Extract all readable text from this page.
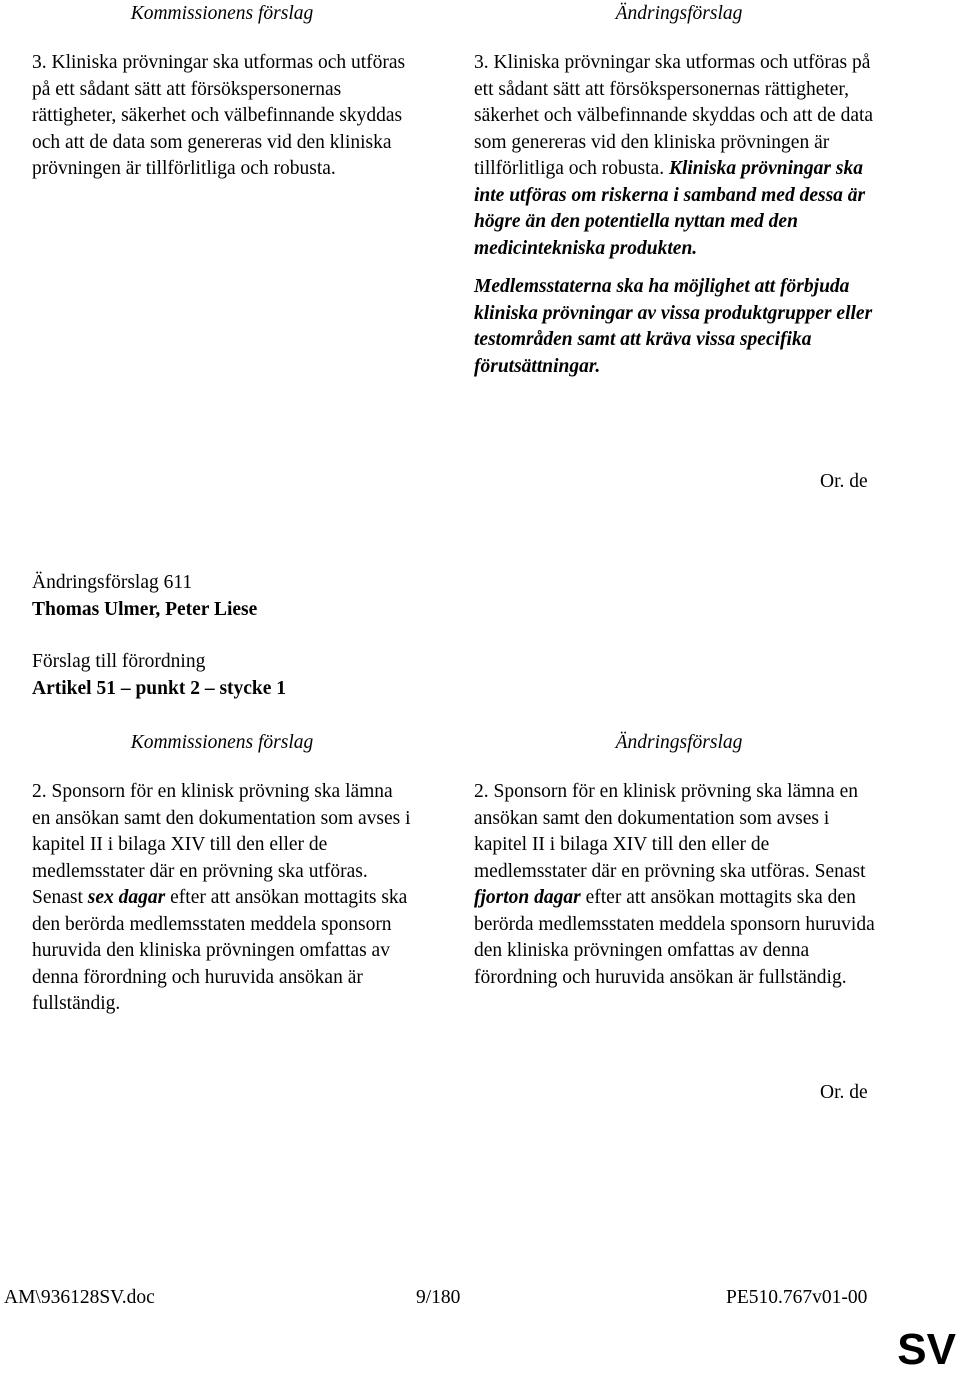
Kommissionens förslag	Ändringsförslag

3. Kliniska prövningar ska utformas och utföras på ett sådant sätt att försökspersonernas rättigheter, säkerhet och välbefinnande skyddas och att de data som genereras vid den kliniska prövningen är tillförlitliga och robusta.

3. Kliniska prövningar ska utformas och utföras på ett sådant sätt att försökspersonernas rättigheter, säkerhet och välbefinnande skyddas och att de data som genereras vid den kliniska prövningen är tillförlitliga och robusta. Kliniska prövningar ska inte utföras om riskerna i samband med dessa är högre än den potentiella nyttan med den medicintekniska produkten.

Medlemsstaterna ska ha möjlighet att förbjuda kliniska prövningar av vissa produktgrupper eller testområden samt att kräva vissa specifika förutsättningar.

Or. de
Ändringsförslag 611
Thomas Ulmer, Peter Liese
Förslag till förordning
Artikel 51 – punkt 2 – stycke 1
Kommissionens förslag	Ändringsförslag

2. Sponsorn för en klinisk prövning ska lämna en ansökan samt den dokumentation som avses i kapitel II i bilaga XIV till den eller de medlemsstater där en prövning ska utföras. Senast sex dagar efter att ansökan mottagits ska den berörda medlemsstaten meddela sponsorn huruvida den kliniska prövningen omfattas av denna förordning och huruvida ansökan är fullständig.

2. Sponsorn för en klinisk prövning ska lämna en ansökan samt den dokumentation som avses i kapitel II i bilaga XIV till den eller de medlemsstater där en prövning ska utföras. Senast fjorton dagar efter att ansökan mottagits ska den berörda medlemsstaten meddela sponsorn huruvida den kliniska prövningen omfattas av denna förordning och huruvida ansökan är fullständig.

Or. de
AM\936128SV.doc	9/180	PE510.767v01-00
SV
